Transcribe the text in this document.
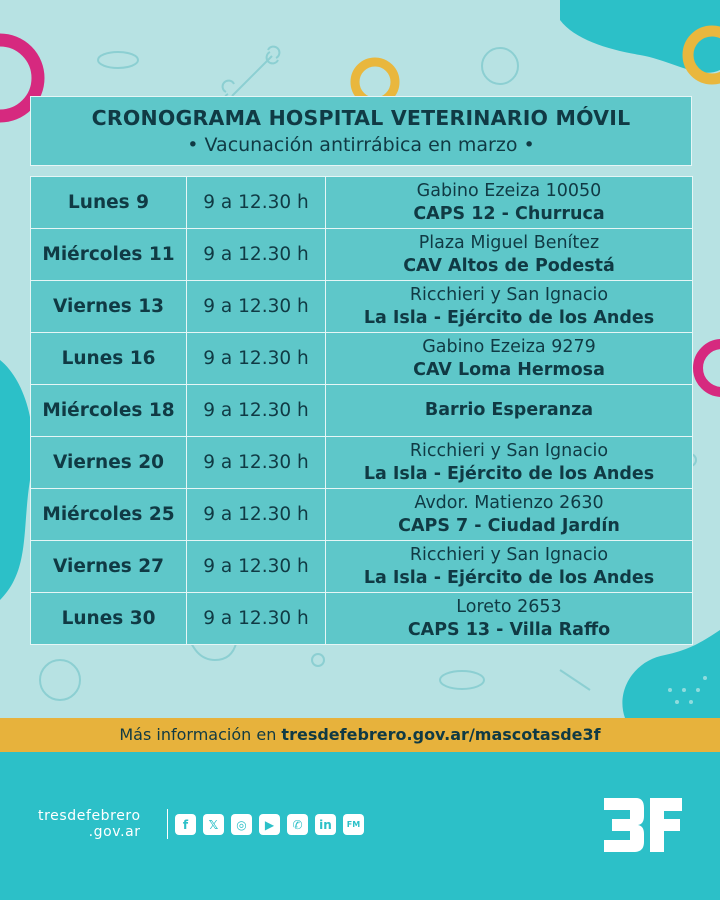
CRONOGRAMA HOSPITAL VETERINARIO MÓVIL
• Vacunación antirrábica en marzo •
Lunes 9	9 a 12.30 h	Gabino Ezeiza 10050
CAPS 12 - Churruca

Miércoles 11	9 a 12.30 h	Plaza Miguel Benítez
CAV Altos de Podestá

Viernes 13	9 a 12.30 h	Ricchieri y San Ignacio
La Isla - Ejército de los Andes

Lunes 16	9 a 12.30 h	Gabino Ezeiza 9279
CAV Loma Hermosa

Miércoles 18	9 a 12.30 h	Barrio Esperanza

Viernes 20	9 a 12.30 h	Ricchieri y San Ignacio
La Isla - Ejército de los Andes

Miércoles 25	9 a 12.30 h	Avdor. Matienzo 2630
CAPS 7 - Ciudad Jardín

Viernes 27	9 a 12.30 h	Ricchieri y San Ignacio
La Isla - Ejército de los Andes

Lunes 30	9 a 12.30 h	Loreto 2653
CAPS 13 - Villa Raffo
Más información en tresdefebrero.gov.ar/mascotasde3f
tresdefebrero
.gov.ar	f	𝕏	◎	▶	✆	in	FM
